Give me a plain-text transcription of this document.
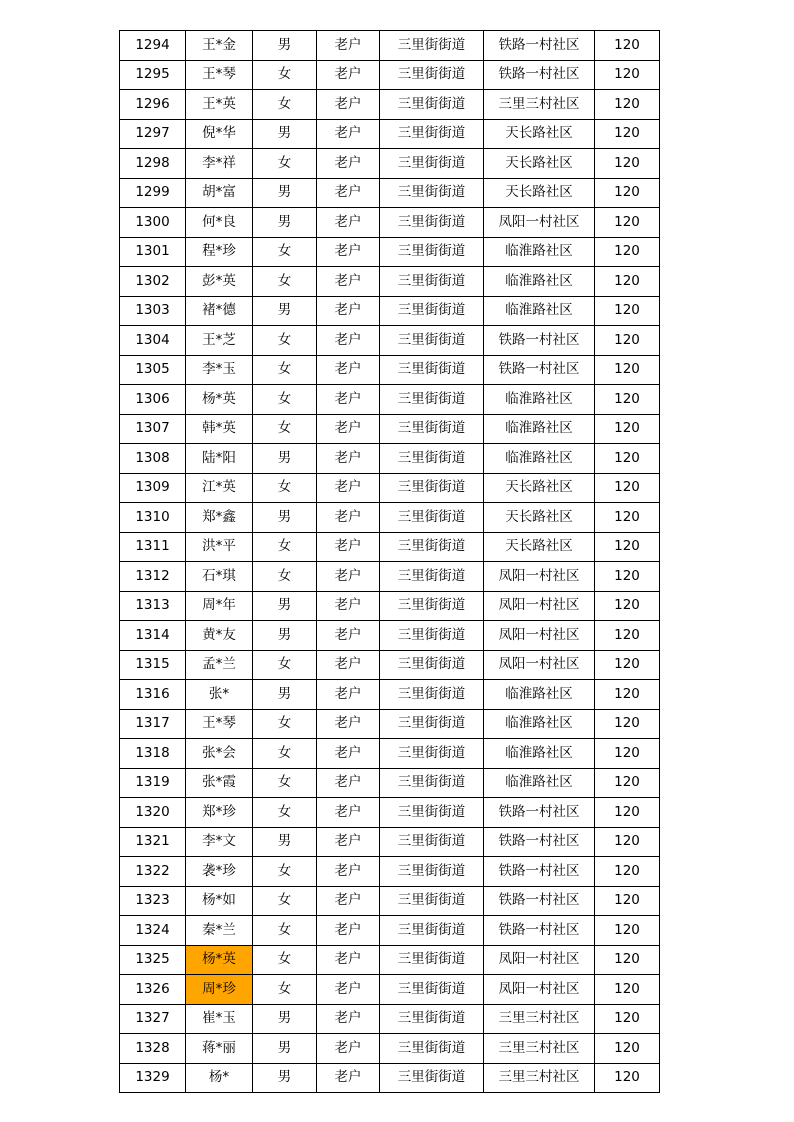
1294	王*金	男	老户	三里街街道	铁路一村社区	120
1295	王*琴	女	老户	三里街街道	铁路一村社区	120
1296	王*英	女	老户	三里街街道	三里三村社区	120
1297	倪*华	男	老户	三里街街道	天长路社区	120
1298	李*祥	女	老户	三里街街道	天长路社区	120
1299	胡*富	男	老户	三里街街道	天长路社区	120
1300	何*良	男	老户	三里街街道	凤阳一村社区	120
1301	程*珍	女	老户	三里街街道	临淮路社区	120
1302	彭*英	女	老户	三里街街道	临淮路社区	120
1303	褚*德	男	老户	三里街街道	临淮路社区	120
1304	王*芝	女	老户	三里街街道	铁路一村社区	120
1305	李*玉	女	老户	三里街街道	铁路一村社区	120
1306	杨*英	女	老户	三里街街道	临淮路社区	120
1307	韩*英	女	老户	三里街街道	临淮路社区	120
1308	陆*阳	男	老户	三里街街道	临淮路社区	120
1309	江*英	女	老户	三里街街道	天长路社区	120
1310	郑*鑫	男	老户	三里街街道	天长路社区	120
1311	洪*平	女	老户	三里街街道	天长路社区	120
1312	石*琪	女	老户	三里街街道	凤阳一村社区	120
1313	周*年	男	老户	三里街街道	凤阳一村社区	120
1314	黄*友	男	老户	三里街街道	凤阳一村社区	120
1315	孟*兰	女	老户	三里街街道	凤阳一村社区	120
1316	张*	男	老户	三里街街道	临淮路社区	120
1317	王*琴	女	老户	三里街街道	临淮路社区	120
1318	张*会	女	老户	三里街街道	临淮路社区	120
1319	张*霞	女	老户	三里街街道	临淮路社区	120
1320	郑*珍	女	老户	三里街街道	铁路一村社区	120
1321	李*文	男	老户	三里街街道	铁路一村社区	120
1322	袭*珍	女	老户	三里街街道	铁路一村社区	120
1323	杨*如	女	老户	三里街街道	铁路一村社区	120
1324	秦*兰	女	老户	三里街街道	铁路一村社区	120
1325	杨*英	女	老户	三里街街道	凤阳一村社区	120
1326	周*珍	女	老户	三里街街道	凤阳一村社区	120
1327	崔*玉	男	老户	三里街街道	三里三村社区	120
1328	蒋*丽	男	老户	三里街街道	三里三村社区	120
1329	杨*	男	老户	三里街街道	三里三村社区	120
